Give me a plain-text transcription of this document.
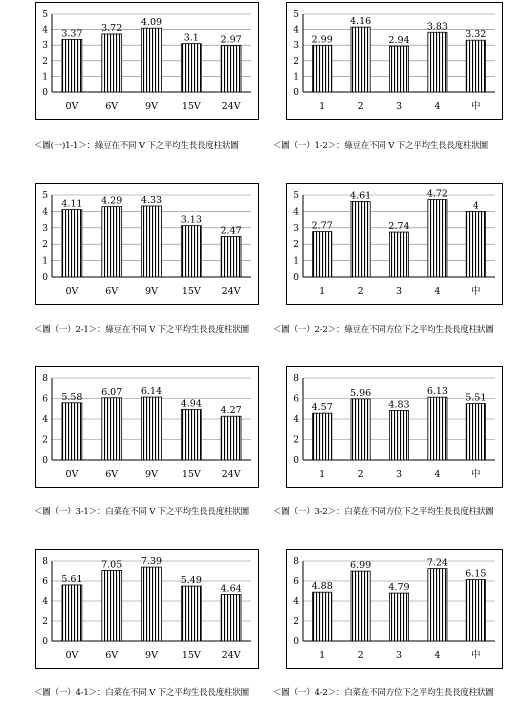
0
1
2
3
4
5
3.37
0V
3.72
6V
4.09
9V
3.1
15V
2.97
24V
＜圖(一)1-1＞：綠豆在不同 V 下之平均生長長度柱狀圖
0
1
2
3
4
5
2.99
1
4.16
2
2.94
3
3.83
4
3.32
中
＜圖（一）1-2＞：綠豆在不同 V 下之平均生長長度柱狀圖
0
1
2
3
4
5
4.11
0V
4.29
6V
4.33
9V
3.13
15V
2.47
24V
＜圖（一）2-1＞：綠豆在不同 V 下之平均生長長度柱狀圖
0
1
2
3
4
5
2.77
1
4.61
2
2.74
3
4.72
4
4
中
＜圖（一）2-2＞：綠豆在不同方位下之平均生長長度柱狀圖
0
2
4
6
8
5.58
0V
6.07
6V
6.14
9V
4.94
15V
4.27
24V
＜圖（一）3-1＞：白菜在不同 V 下之平均生長長度柱狀圖
0
2
4
6
8
4.57
1
5.96
2
4.83
3
6.13
4
5.51
中
＜圖（一）3-2＞：白菜在不同方位下之平均生長長度柱狀圖
0
2
4
6
8
5.61
0V
7.05
6V
7.39
9V
5.49
15V
4.64
24V
＜圖（一）4-1＞：白菜在不同 V 下之平均生長長度柱狀圖
0
2
4
6
8
4.88
1
6.99
2
4.79
3
7.24
4
6.15
中
＜圖（一）4-2＞：白菜在不同方位下之平均生長長度柱狀圖
